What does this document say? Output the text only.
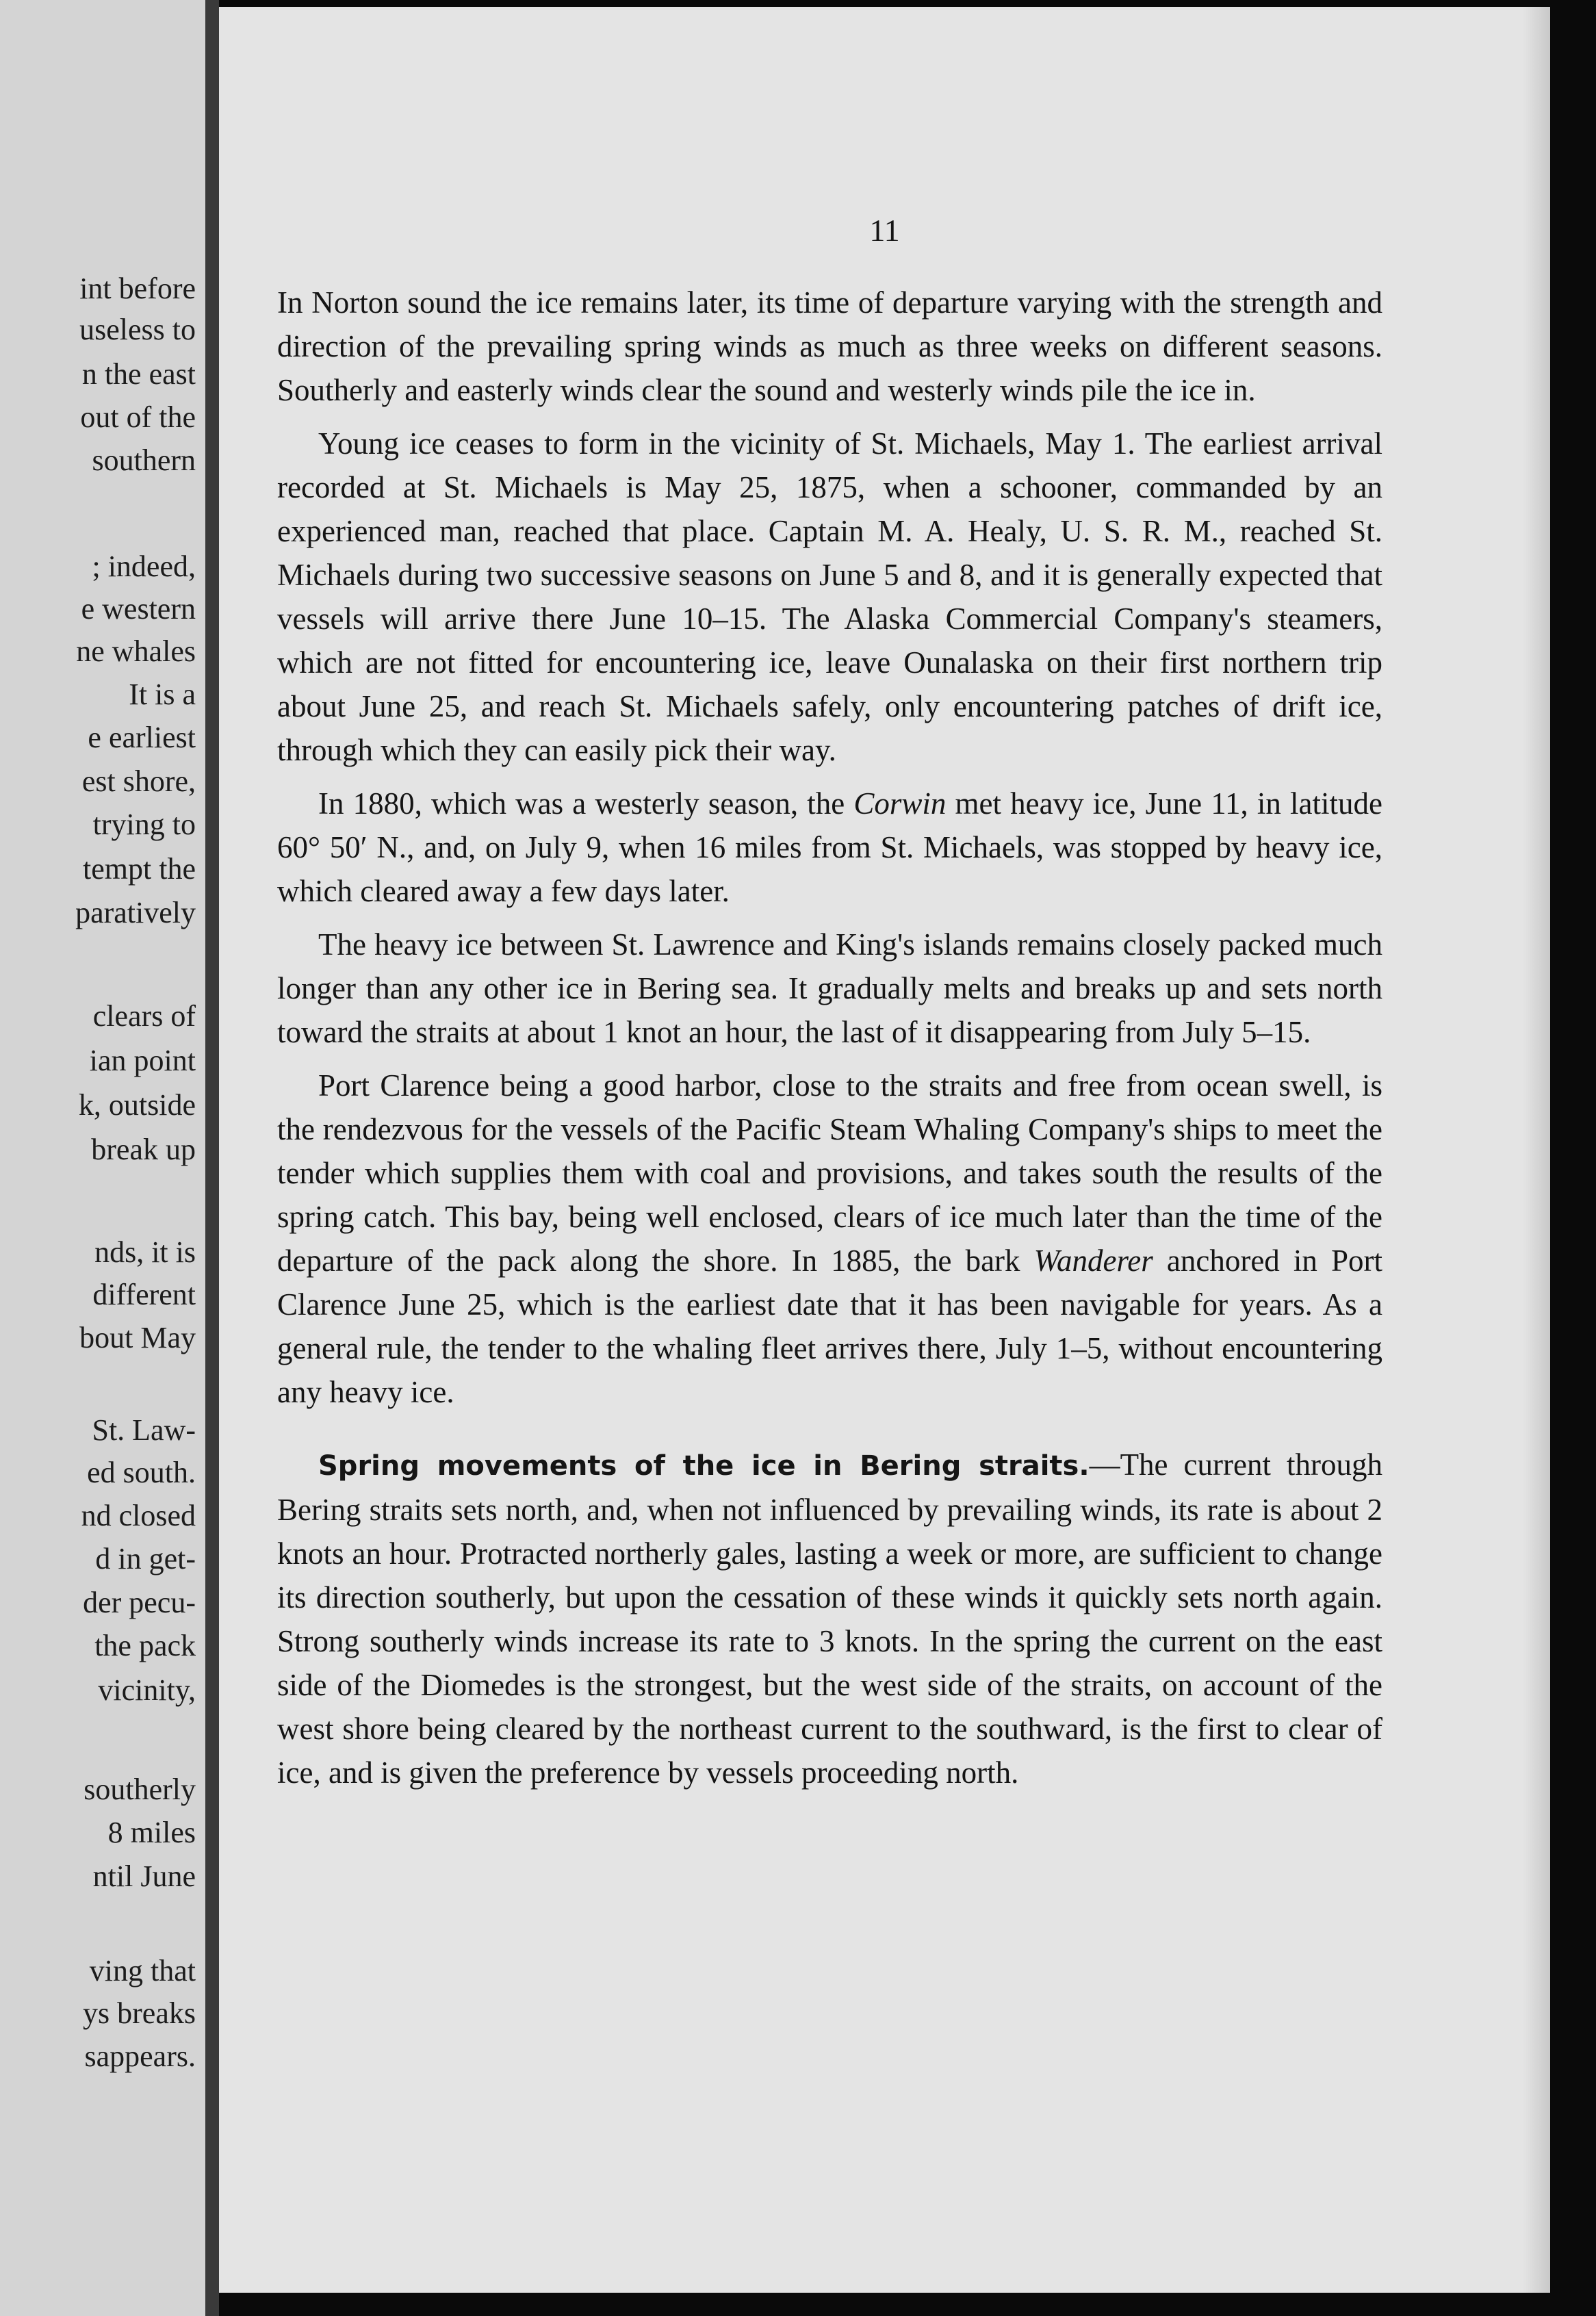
int before
useless to
n the east
out of the
southern
; indeed,
e western
ne whales
It is a
e earliest
est shore,
trying to
tempt the
paratively
clears of
ian point
k, outside
break up
nds, it is
different
bout May
St. Law-
ed south.
nd closed
d in get-
der pecu-
the pack
vicinity,
southerly
8 miles
ntil June
ving that
ys breaks
sappears.
11

In Norton sound the ice remains later, its time of departure varying with the strength and direction of the prevailing spring winds as much as three weeks on different seasons. Southerly and easterly winds clear the sound and westerly winds pile the ice in.

Young ice ceases to form in the vicinity of St. Michaels, May 1. The earliest arrival recorded at St. Michaels is May 25, 1875, when a schooner, commanded by an experienced man, reached that place. Captain M. A. Healy, U. S. R. M., reached St. Michaels during two successive seasons on June 5 and 8, and it is generally expected that vessels will arrive there June 10–15. The Alaska Commercial Company's steamers, which are not fitted for encountering ice, leave Ounalaska on their first northern trip about June 25, and reach St. Michaels safely, only encountering patches of drift ice, through which they can easily pick their way.

In 1880, which was a westerly season, the Corwin met heavy ice, June 11, in latitude 60° 50′ N., and, on July 9, when 16 miles from St. Michaels, was stopped by heavy ice, which cleared away a few days later.

The heavy ice between St. Lawrence and King's islands remains closely packed much longer than any other ice in Bering sea. It gradually melts and breaks up and sets north toward the straits at about 1 knot an hour, the last of it disappearing from July 5–15.

Port Clarence being a good harbor, close to the straits and free from ocean swell, is the rendezvous for the vessels of the Pacific Steam Whaling Company's ships to meet the tender which supplies them with coal and provisions, and takes south the results of the spring catch. This bay, being well enclosed, clears of ice much later than the time of the departure of the pack along the shore. In 1885, the bark Wanderer anchored in Port Clarence June 25, which is the earliest date that it has been navigable for years. As a general rule, the tender to the whaling fleet arrives there, July 1–5, without encountering any heavy ice.

Spring movements of the ice in Bering straits.—The current through Bering straits sets north, and, when not influenced by prevailing winds, its rate is about 2 knots an hour. Protracted northerly gales, lasting a week or more, are sufficient to change its direction southerly, but upon the cessation of these winds it quickly sets north again. Strong southerly winds increase its rate to 3 knots. In the spring the current on the east side of the Diomedes is the strongest, but the west side of the straits, on account of the west shore being cleared by the northeast current to the southward, is the first to clear of ice, and is given the preference by vessels proceeding north.
